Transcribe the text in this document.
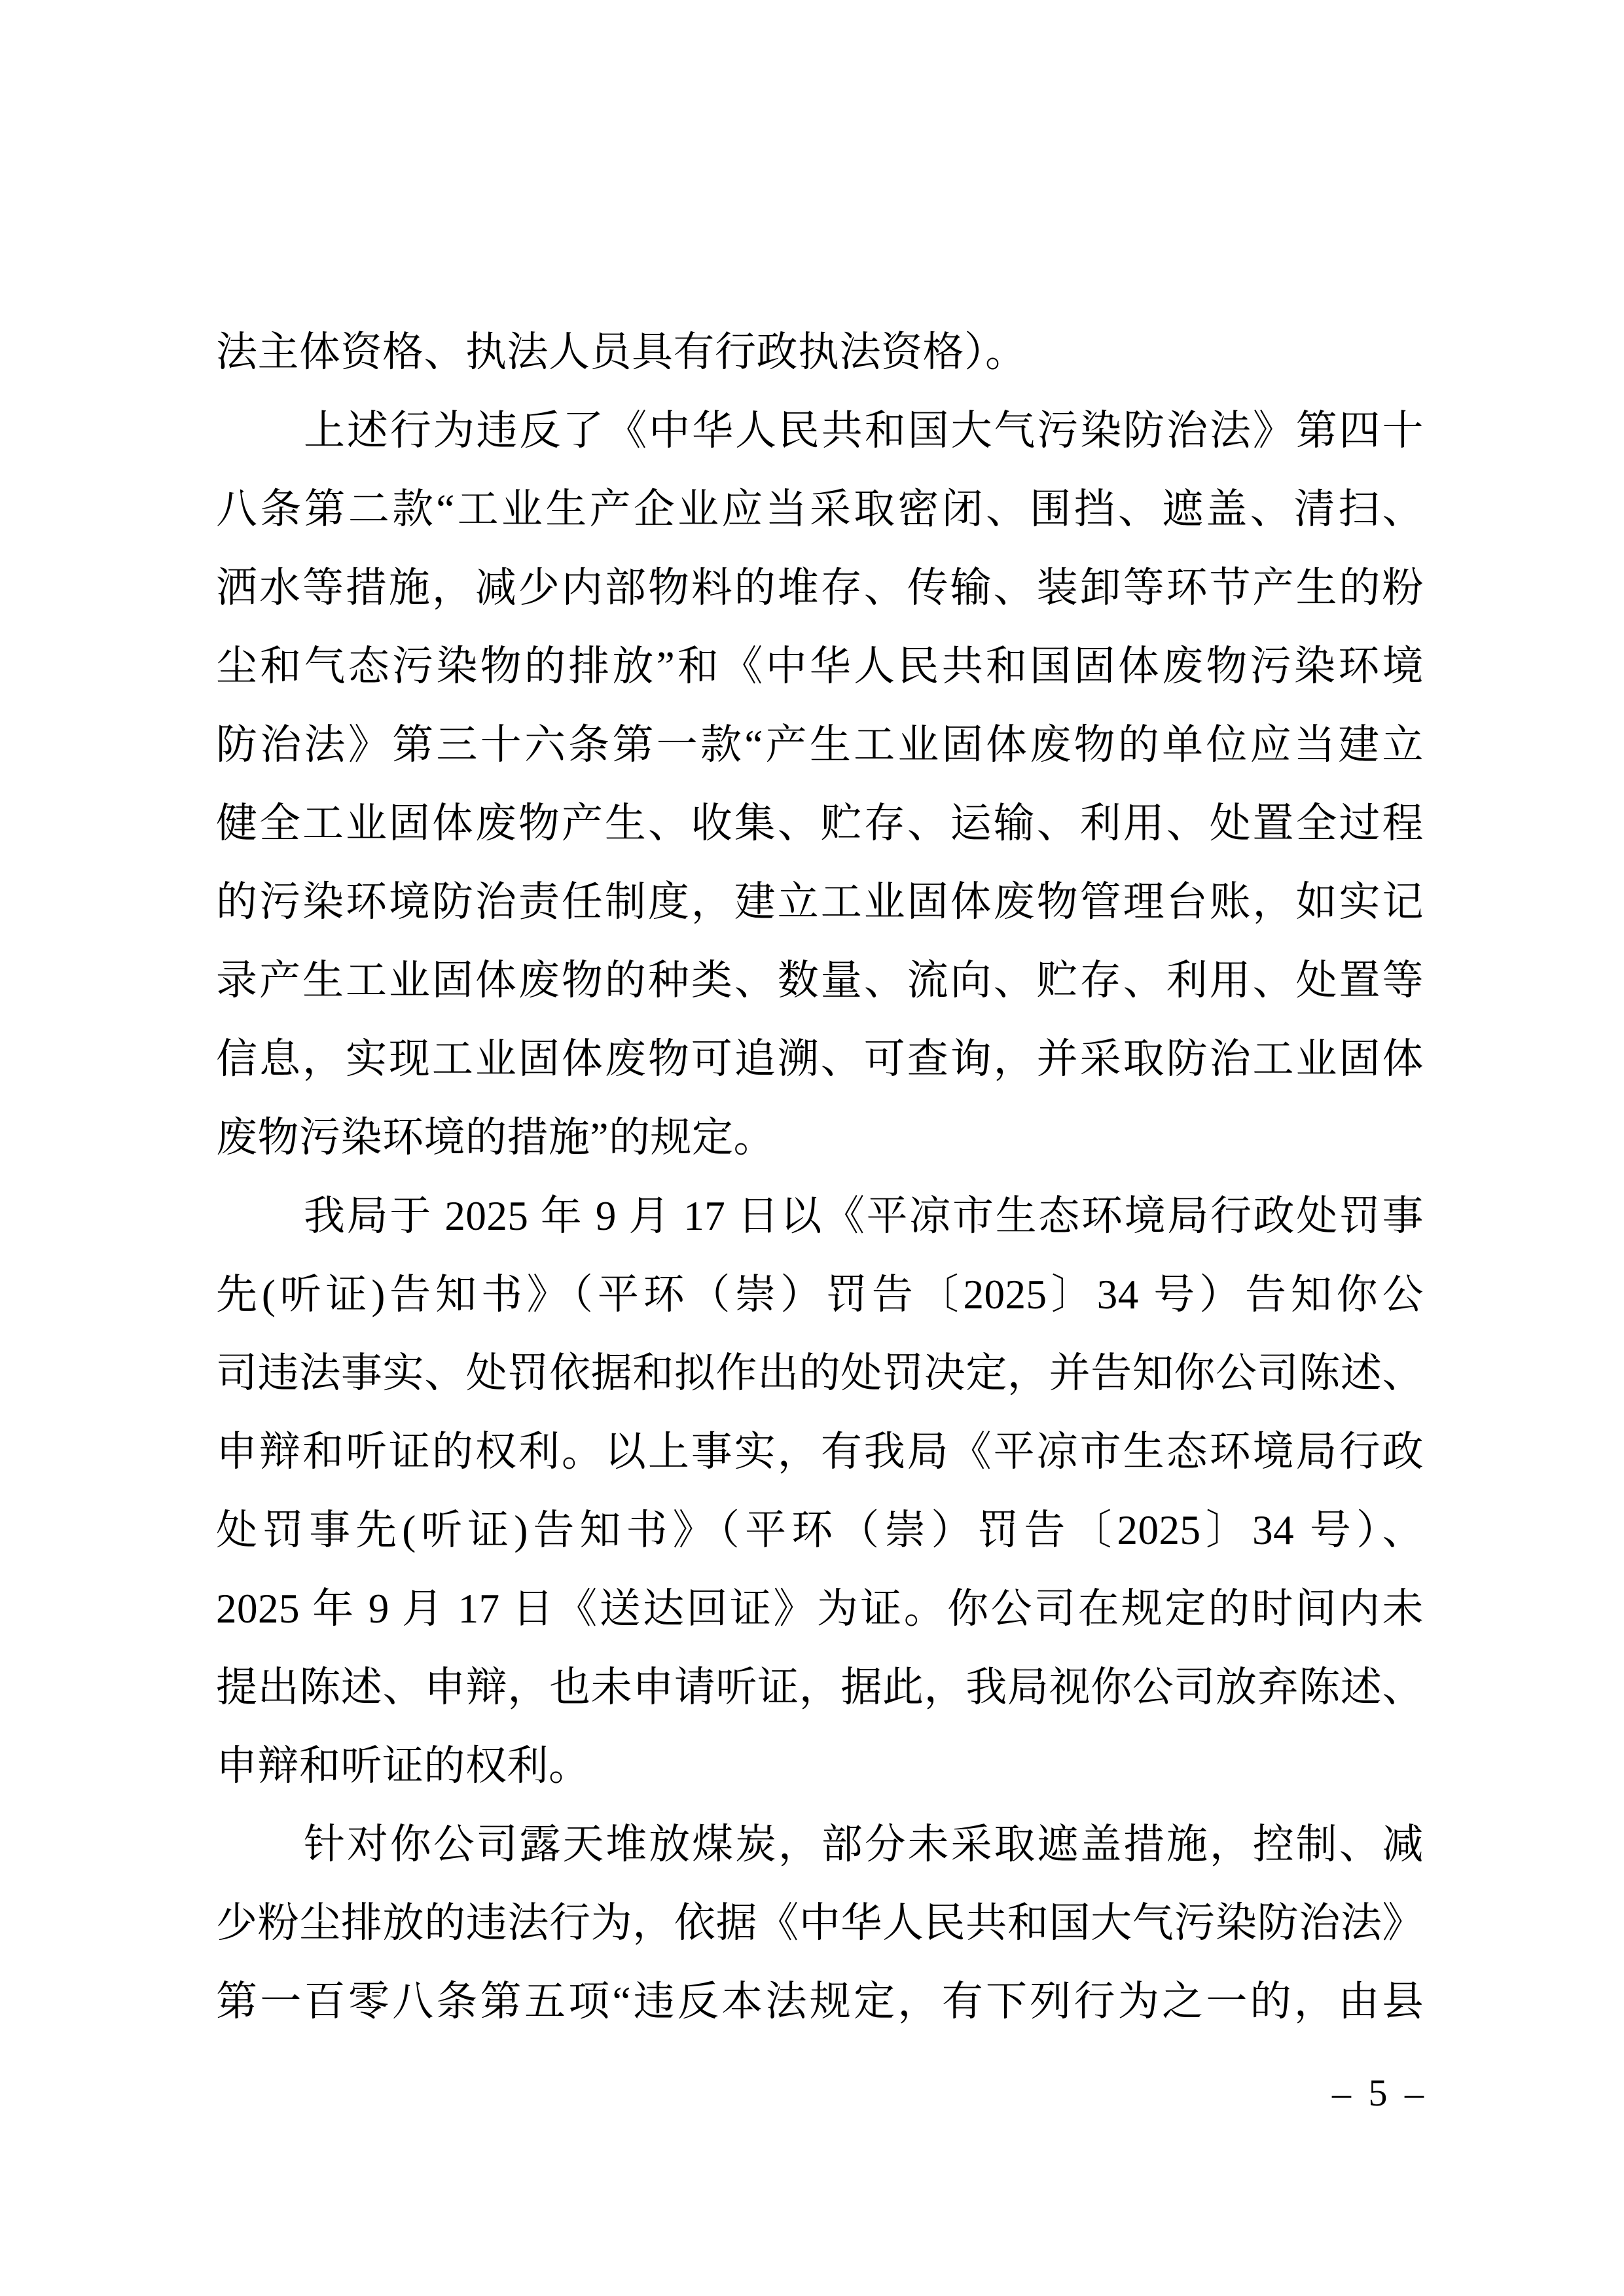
法主体资格、执法人员具有行政执法资格）。

上述行为违反了《中华人民共和国大气污染防治法》第四十

八条第二款“工业生产企业应当采取密闭、围挡、遮盖、清扫、

洒水等措施，减少内部物料的堆存、传输、装卸等环节产生的粉

尘和气态污染物的排放”和《中华人民共和国固体废物污染环境

防治法》第三十六条第一款“产生工业固体废物的单位应当建立

健全工业固体废物产生、收集、贮存、运输、利用、处置全过程

的污染环境防治责任制度，建立工业固体废物管理台账，如实记

录产生工业固体废物的种类、数量、流向、贮存、利用、处置等

信息，实现工业固体废物可追溯、可查询，并采取防治工业固体

废物污染环境的措施”的规定。

我局于 2025 年 9 月 17 日以《平凉市生态环境局行政处罚事

先(听证)告知书》（平环（崇）罚告〔2025〕34 号）告知你公

司违法事实、处罚依据和拟作出的处罚决定，并告知你公司陈述、

申辩和听证的权利。以上事实，有我局《平凉市生态环境局行政

处罚事先(听证)告知书》（平环（崇）罚告〔2025〕34 号）、

2025 年 9 月 17 日《送达回证》为证。你公司在规定的时间内未

提出陈述、申辩，也未申请听证，据此，我局视你公司放弃陈述、

申辩和听证的权利。

针对你公司露天堆放煤炭，部分未采取遮盖措施，控制、减

少粉尘排放的违法行为，依据《中华人民共和国大气污染防治法》

第一百零八条第五项“违反本法规定，有下列行为之一的，由县

– 5 –
